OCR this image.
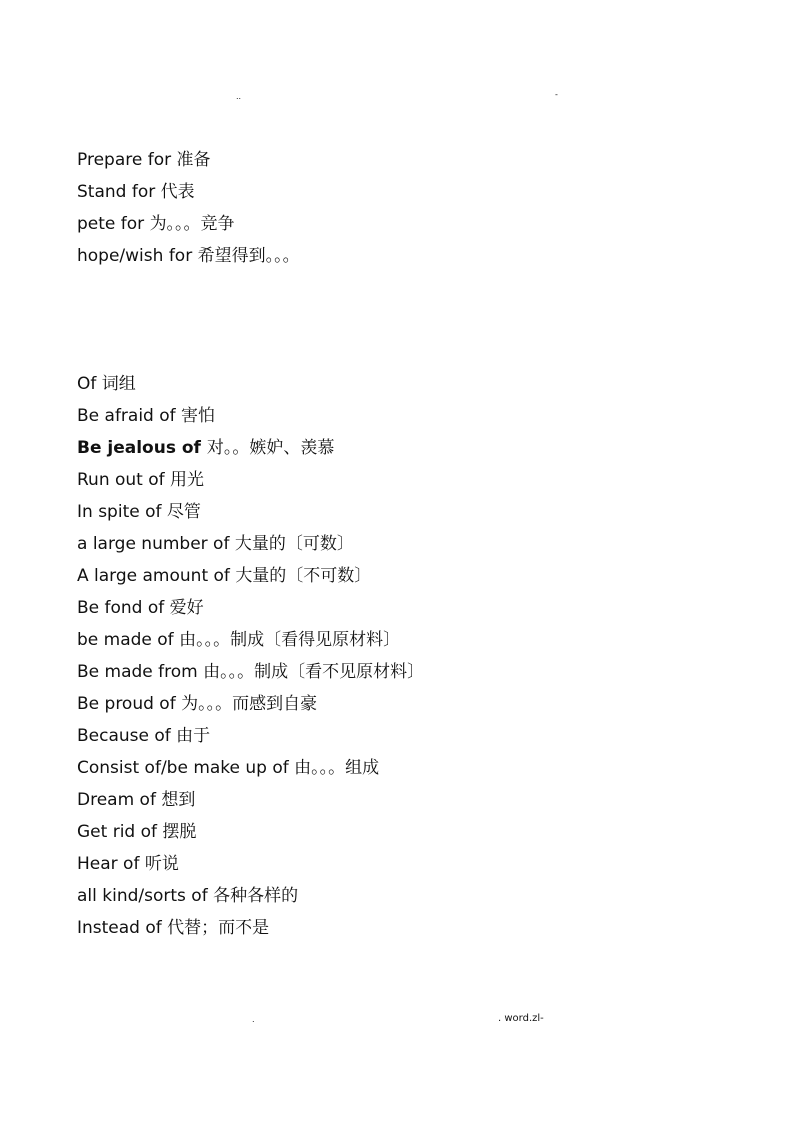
..	-
Prepare for 准备
Stand for 代表
pete for 为。。。竞争
hope/wish for 希望得到。。。
Of 词组
Be afraid of 害怕
Be jealous of 对。。嫉妒、羡慕
Run out of 用光
In spite of 尽管
a large number of 大量的〔可数〕
A large amount of 大量的〔不可数〕
Be fond of 爱好
be made of 由。。。制成〔看得见原材料〕
Be made from 由。。。制成〔看不见原材料〕
Be proud of 为。。。而感到自豪
Because of 由于
Consist of/be make up of 由。。。组成
Dream of 想到
Get rid of 摆脱
Hear of 听说
all kind/sorts of 各种各样的
Instead of 代替；而不是
.	. word.zl-
